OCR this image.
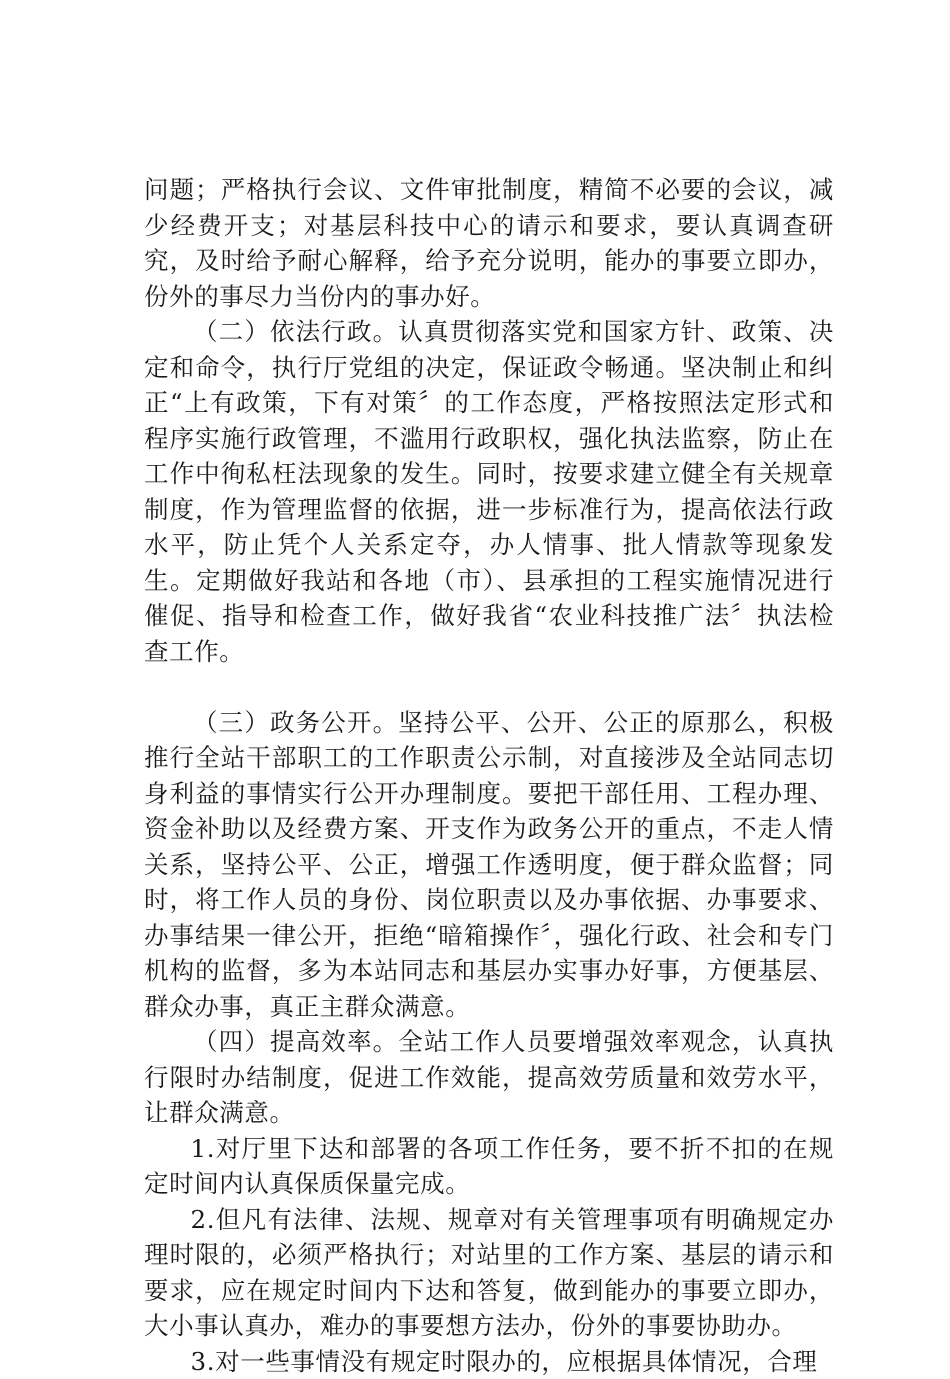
问题；严格执行会议、文件审批制度，精简不必要的会议，减少经费开支；对基层科技中心的请示和要求，要认真调查研究，及时给予耐心解释，给予充分说明，能办的事要立即办，份外的事尽力当份内的事办好。

（二）依法行政。认真贯彻落实党和国家方针、政策、决定和命令，执行厅党组的决定，保证政令畅通。坚决制止和纠正“上有政策，下有对策〞的工作态度，严格按照法定形式和程序实施行政管理，不滥用行政职权，强化执法监察，防止在工作中徇私枉法现象的发生。同时，按要求建立健全有关规章制度，作为管理监督的依据，进一步标准行为，提高依法行政水平，防止凭个人关系定夺，办人情事、批人情款等现象发生。定期做好我站和各地（市）、县承担的工程实施情况进行催促、指导和检查工作，做好我省“农业科技推广法〞执法检查工作。

（三）政务公开。坚持公平、公开、公正的原那么，积极推行全站干部职工的工作职责公示制，对直接涉及全站同志切身利益的事情实行公开办理制度。要把干部任用、工程办理、资金补助以及经费方案、开支作为政务公开的重点，不走人情关系，坚持公平、公正，增强工作透明度，便于群众监督；同时，将工作人员的身份、岗位职责以及办事依据、办事要求、办事结果一律公开，拒绝“暗箱操作〞，强化行政、社会和专门机构的监督，多为本站同志和基层办实事办好事，方便基层、群众办事，真正主群众满意。

（四）提高效率。全站工作人员要增强效率观念，认真执行限时办结制度，促进工作效能，提高效劳质量和效劳水平，让群众满意。

1.对厅里下达和部署的各项工作任务，要不折不扣的在规定时间内认真保质保量完成。

2.但凡有法律、法规、规章对有关管理事项有明确规定办理时限的，必须严格执行；对站里的工作方案、基层的请示和要求，应在规定时间内下达和答复，做到能办的事要立即办，大小事认真办，难办的事要想方法办，份外的事要协助办。

3.对一些事情没有规定时限办的，应根据具体情况，合理
